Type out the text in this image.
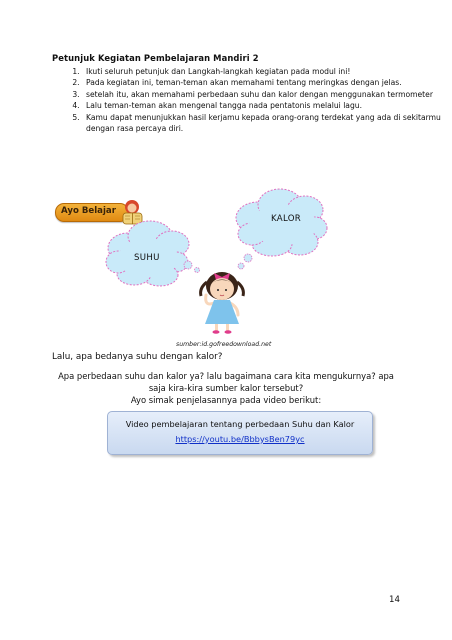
Petunjuk Kegiatan Pembelajaran Mandiri 2
1. Ikuti seluruh petunjuk dan Langkah-langkah kegiatan pada modul ini!
2. Pada kegiatan ini, teman-teman akan memahami tentang meringkas dengan jelas.
3. setelah itu, akan memahami perbedaan suhu dan kalor dengan menggunakan termometer
4. Lalu teman-teman akan mengenal tangga nada pentatonis melalui lagu.
5. Kamu dapat menunjukkan hasil kerjamu kepada orang-orang terdekat yang ada di sekitarmu dengan rasa percaya diri.
Ayo Belajar
SUHU
KALOR
sumber:id.gofreedownload.net
Lalu, apa bedanya suhu dengan kalor?
Apa perbedaan suhu dan kalor ya? lalu bagaimana cara kita mengukurnya? apa
saja kira-kira sumber kalor tersebut?
Ayo simak penjelasannya pada video berikut:
Video pembelajaran tentang perbedaan Suhu dan Kalor
https://youtu.be/BbbysBen79yc
14
